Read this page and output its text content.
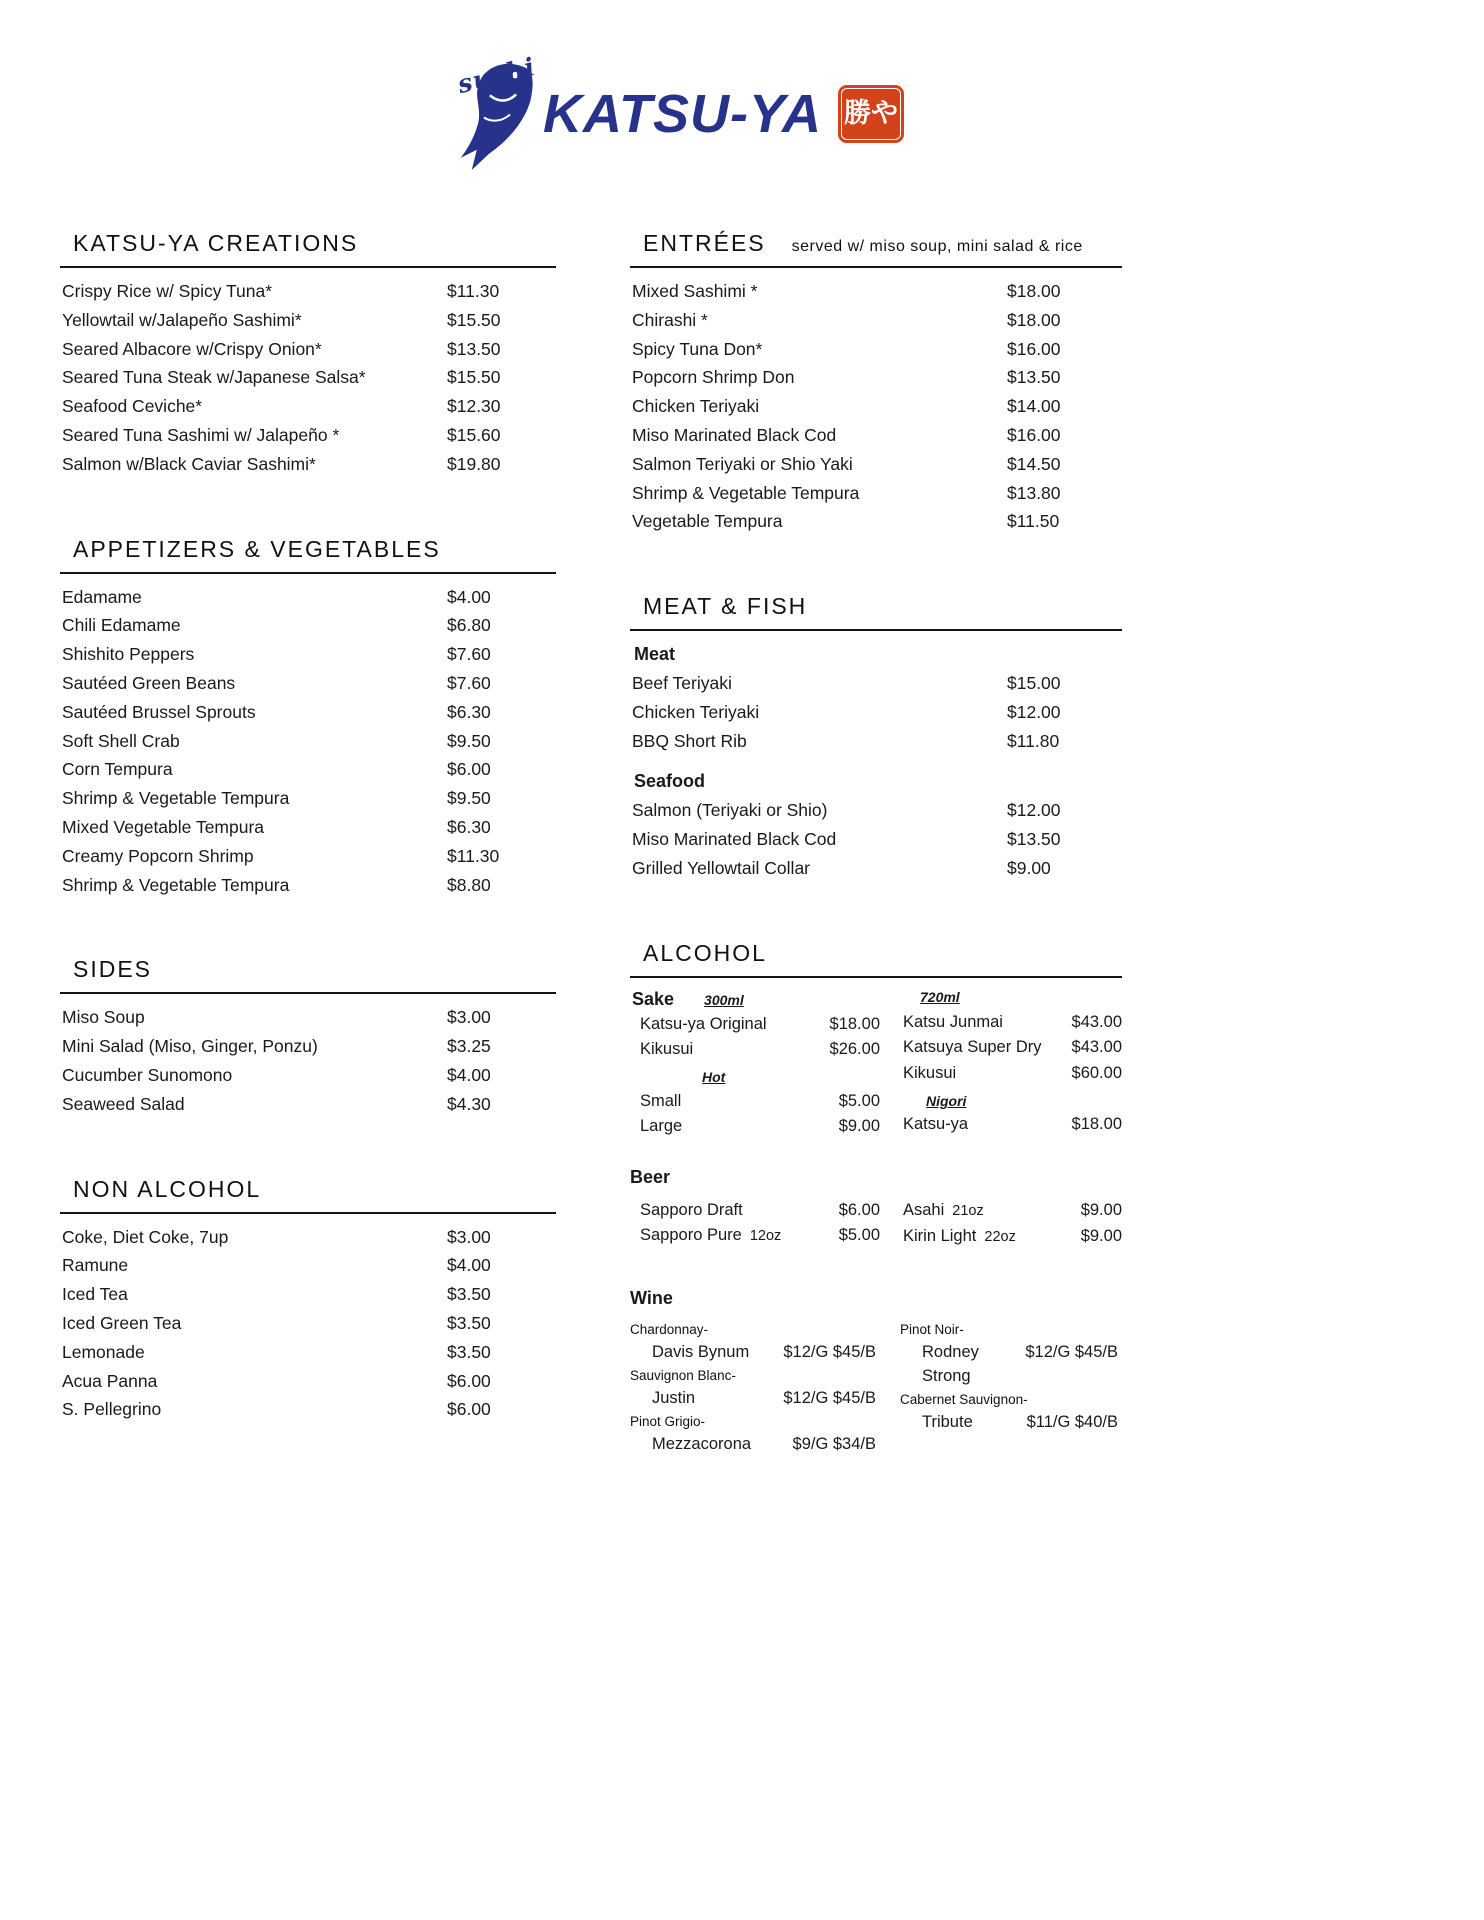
sushi
KATSU-YA 勝や
KATSU-YA CREATIONS
Crispy Rice w/ Spicy Tuna*	$11.30
Yellowtail w/Jalapeño Sashimi*	$15.50
Seared Albacore w/Crispy Onion*	$13.50
Seared Tuna Steak w/Japanese Salsa*	$15.50
Seafood Ceviche*	$12.30
Seared Tuna Sashimi w/ Jalapeño *	$15.60
Salmon w/Black Caviar Sashimi*	$19.80
APPETIZERS & VEGETABLES
Edamame	$4.00
Chili Edamame	$6.80
Shishito Peppers	$7.60
Sautéed Green Beans	$7.60
Sautéed Brussel Sprouts	$6.30
Soft Shell Crab	$9.50
Corn Tempura	$6.00
Shrimp & Vegetable Tempura	$9.50
Mixed Vegetable Tempura	$6.30
Creamy Popcorn Shrimp	$11.30
Shrimp & Vegetable Tempura	$8.80
SIDES
Miso Soup	$3.00
Mini Salad (Miso, Ginger, Ponzu)	$3.25
Cucumber Sunomono	$4.00
Seaweed Salad	$4.30
NON ALCOHOL
Coke, Diet Coke, 7up	$3.00
Ramune	$4.00
Iced Tea	$3.50
Iced Green Tea	$3.50
Lemonade	$3.50
Acua Panna	$6.00
S. Pellegrino	$6.00
ENTRÉES served w/ miso soup, mini salad & rice
Mixed Sashimi *	$18.00
Chirashi *	$18.00
Spicy Tuna Don*	$16.00
Popcorn Shrimp Don	$13.50
Chicken Teriyaki	$14.00
Miso Marinated Black Cod	$16.00
Salmon Teriyaki or Shio Yaki	$14.50
Shrimp & Vegetable Tempura	$13.80
Vegetable Tempura	$11.50
MEAT & FISH
Meat
Beef Teriyaki	$15.00
Chicken Teriyaki	$12.00
BBQ Short Rib	$11.80
Seafood
Salmon (Teriyaki or Shio)	$12.00
Miso Marinated Black Cod	$13.50
Grilled Yellowtail Collar	$9.00
ALCOHOL
Sake 300ml
Katsu-ya Original	$18.00
Kikusui	$26.00
Hot
Small	$5.00
Large	$9.00
720ml
Katsu Junmai	$43.00
Katsuya Super Dry $43.00
Kikusui	$60.00
Nigori
Katsu-ya	$18.00
Beer
Sapporo Draft	$6.00
Sapporo Pure 12oz	$5.00
Asahi 21oz	$9.00
Kirin Light 22oz	$9.00
Wine
Chardonnay-
Davis Bynum $12/G $45/B
Sauvignon Blanc-
Justin	$12/G $45/B
Pinot Grigio-
Mezzacorona	$9/G $34/B
Pinot Noir-
Rodney Strong
$12/G $45/B
Cabernet Sauvignon-
Tribute	$11/G $40/B
